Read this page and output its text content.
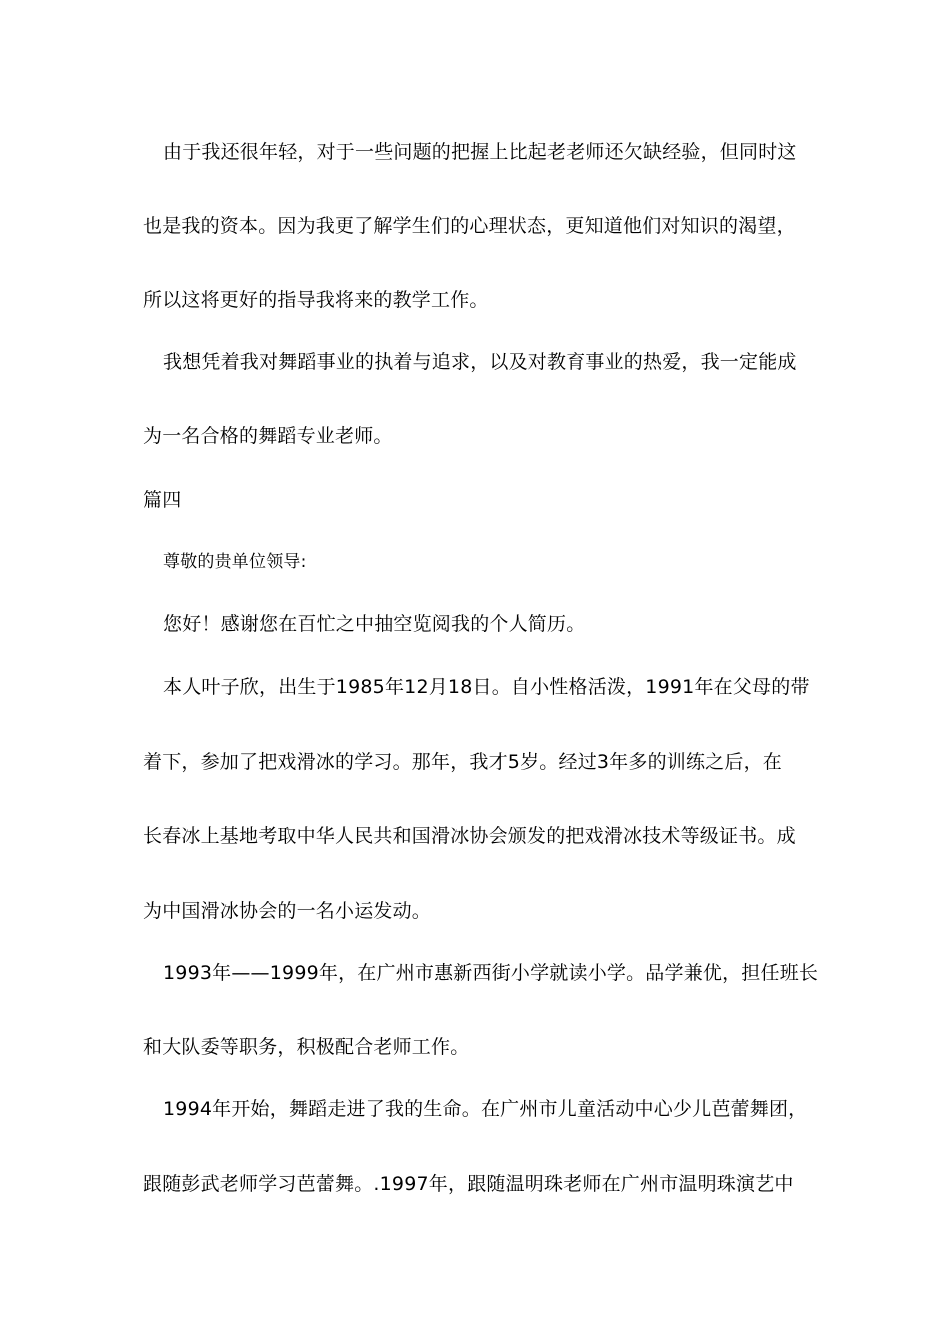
由于我还很年轻，对于一些问题的把握上比起老老师还欠缺经验，但同时这
也是我的资本。因为我更了解学生们的心理状态，更知道他们对知识的渴望，
所以这将更好的指导我将来的教学工作。
我想凭着我对舞蹈事业的执着与追求，以及对教育事业的热爱，我一定能成
为一名合格的舞蹈专业老师。
篇四
尊敬的贵单位领导:
您好！感谢您在百忙之中抽空览阅我的个人简历。
本人叶子欣，出生于1985年12月18日。自小性格活泼，1991年在父母的带
着下，参加了把戏滑冰的学习。那年，我才5岁。经过3年多的训练之后，在
长春冰上基地考取中华人民共和国滑冰协会颁发的把戏滑冰技术等级证书。成
为中国滑冰协会的一名小运发动。
1993年——1999年，在广州市惠新西街小学就读小学。品学兼优，担任班长
和大队委等职务，积极配合老师工作。
1994年开始，舞蹈走进了我的生命。在广州市儿童活动中心少儿芭蕾舞团，
跟随彭武老师学习芭蕾舞。.1997年，跟随温明珠老师在广州市温明珠演艺中
